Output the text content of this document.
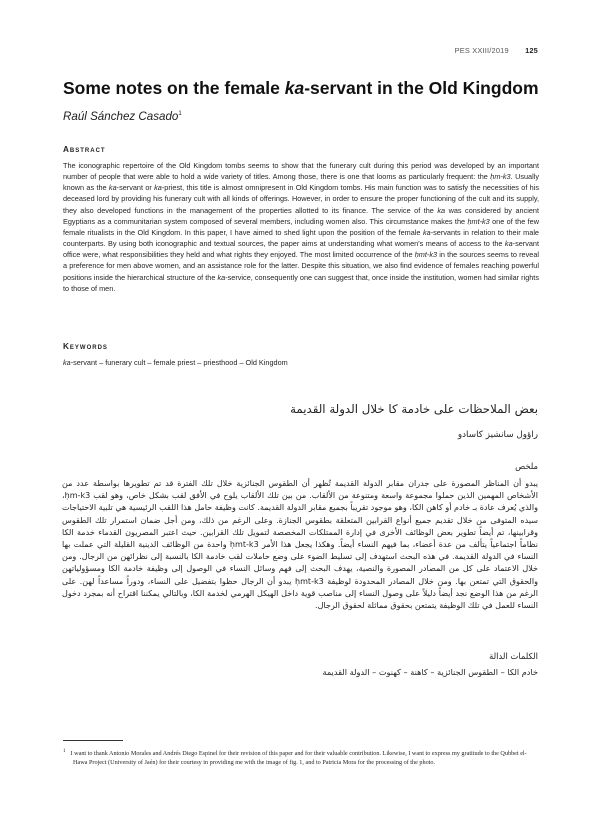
PES XXIII/2019 125
Some notes on the female ka-servant in the Old Kingdom
Raúl Sánchez Casado$^1$
Abstract
The iconographic repertoire of the Old Kingdom tombs seems to show that the funerary cult during this period was developed by an important number of people that were able to hold a wide variety of titles. Among those, there is one that looms as particularly frequent: the ḥm-k3. Usually known as the ka-servant or ka-priest, this title is almost omnipresent in Old Kingdom tombs. His main function was to satisfy the necessities of his deceased lord by providing his funerary cult with all kinds of offerings. However, in order to ensure the proper functioning of the cult and its supply, they also developed functions in the management of the properties allotted to its finance. The service of the ka was considered by ancient Egyptians as a communitarian system composed of several members, including women also. This circumstance makes the ḥmt-k3 one of the few female ritualists in the Old Kingdom. In this paper, I have aimed to shed light upon the position of the female ka-servants in relation to their male counterparts. By using both iconographic and textual sources, the paper aims at understanding what women's means of access to the ka-servant office were, what responsibilities they held and what rights they enjoyed. The most limited occurrence of the ḥmt-k3 in the sources seems to reveal a preference for men above women, and an assistance role for the latter. Despite this situation, we also find evidence of females reaching powerful positions inside the hierarchical structure of the ka-service, consequently one can suggest that, once inside the institution, women had similar rights to those of men.
Keywords
ka-servant – funerary cult – female priest – priesthood – Old Kingdom
بعض الملاحظات على خادمة كا خلال الدولة القديمة
راؤول سانشيز كاسادو
ملخص
يبدو أن المناظر المصورة على جدران مقابر الدولة القديمة تُظهر أن الطقوس الجنائزية خلال تلك الفترة قد تم تطويرها بواسطة عدد من الأشخاص المهمين الذين حملوا مجموعة واسعة ومتنوعة من الألقاب. من بين تلك الألقاب يلوح في الأفق لقب بشكل خاص، وهو لقب ḥm-k3، والذي يُعرف عادة بـ خادم أو كاهن الكا، وهو موجود تقريباً بجميع مقابر الدولة القديمة. كانت وظيفة حامل هذا اللقب الرئيسية هي تلبية الاحتياجات سيده المتوفى من خلال تقديم جميع أنواع القرابين المتعلقة بطقوس الجنازة. وعلى الرغم من ذلك، ومن أجل ضمان استمرار تلك الطقوس وقرابينها، تم أيضاً تطوير بعض الوظائف الأخرى في إدارة الممتلكات المخصصة لتمويل تلك القرابين. حيث اعتبر المصريون القدماء خدمة الكا نظاماً اجتماعياً يتألف من عدة أعضاء، بما فيهم النساء أيضاً. وهكذا يجعل هذا الأمر ḥmt-k3 واحدة من الوظائف الدينية القليلة التي عملت بها النساء في الدولة القديمة. في هذه البحث استهدف إلى تسليط الضوء على وضع حاملات لقب خادمة الكا بالنسبة إلى نظرائهن من الرجال. ومن خلال الاعتماد على كل من المصادر المصورة والنصية، يهدف البحث إلى فهم وسائل النساء في الوصول إلى وظيفة خادمة الكا ومسؤولياتهن والحقوق التي تمتعن بها. ومن خلال المصادر المحدودة لوظيفة ḥmt-k3 يبدو أن الرجال حظوا بتفضيل على النساء، ودوراً مساعداً لهن. على الرغم من هذا الوضع نجد أيضاً دليلاً على وصول النساء إلى مناصب قوية داخل الهيكل الهرمي لخدمة الكا، وبالتالي يمكننا اقتراح أنه بمجرد دخول النساء للعمل في تلك الوظيفة يتمتعن بحقوق مماثلة لحقوق الرجال.
الكلمات الدالة
خادم الكا – الطقوس الجنائزية – كاهنة – كهنوت – الدولة القديمة
$^1$ I want to thank Antonio Morales and Andrés Diego Espinel for their revision of this paper and for their valuable contribution. Likewise, I want to express my gratitude to the Qubbet el-Hawa Project (University of Jaén) for their courtesy in providing me with the image of fig. 1, and to Patricia Mora for the processing of the photo.
